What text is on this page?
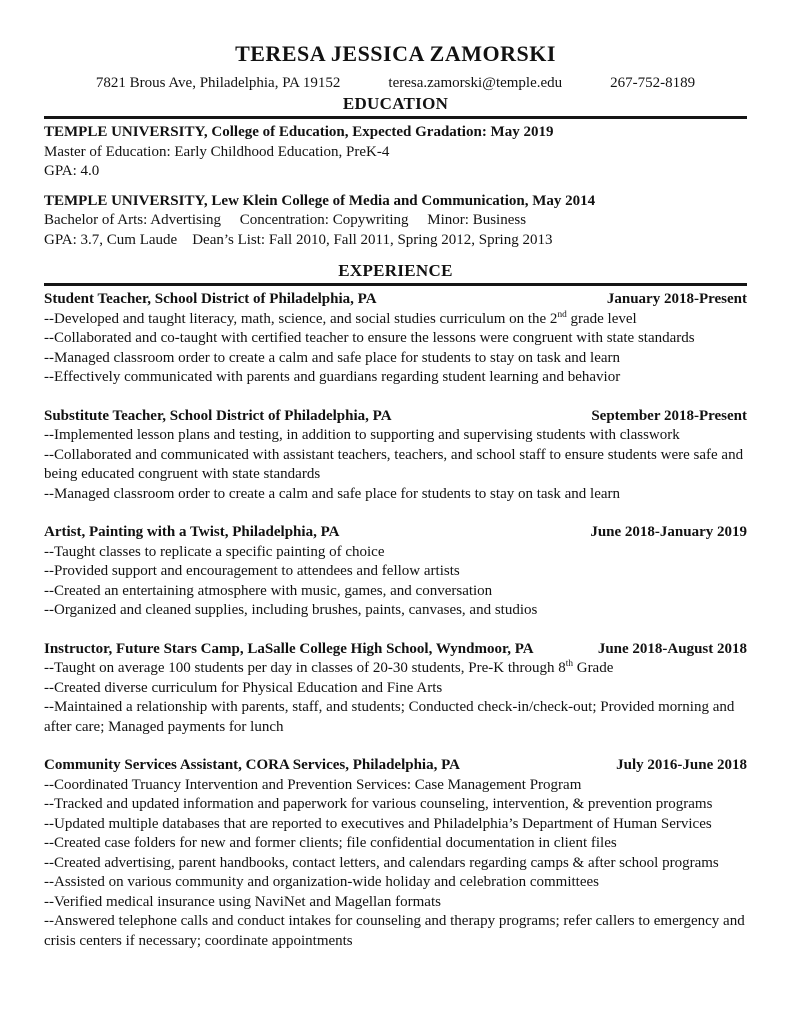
TERESA JESSICA ZAMORSKI
7821 Brous Ave, Philadelphia, PA 19152	teresa.zamorski@temple.edu	267-752-8189
EDUCATION

TEMPLE UNIVERSITY, College of Education, Expected Gradation: May 2019

Master of Education: Early Childhood Education, PreK-4

GPA: 4.0

TEMPLE UNIVERSITY, Lew Klein College of Media and Communication, May 2014

Bachelor of Arts: Advertising     Concentration: Copywriting     Minor: Business

GPA: 3.7, Cum Laude    Dean’s List: Fall 2010, Fall 2011, Spring 2012, Spring 2013

EXPERIENCE
Student Teacher, School District of Philadelphia, PA	January 2018-Present

--Developed and taught literacy, math, science, and social studies curriculum on the 2nd grade level

--Collaborated and co-taught with certified teacher to ensure the lessons were congruent with state standards

--Managed classroom order to create a calm and safe place for students to stay on task and learn

--Effectively communicated with parents and guardians regarding student learning and behavior

Substitute Teacher, School District of Philadelphia, PA	September 2018-Present

--Implemented lesson plans and testing, in addition to supporting and supervising students with classwork

--Collaborated and communicated with assistant teachers, teachers, and school staff to ensure students were safe and being educated congruent with state standards

--Managed classroom order to create a calm and safe place for students to stay on task and learn

Artist, Painting with a Twist, Philadelphia, PA	June 2018-January 2019

--Taught classes to replicate a specific painting of choice

--Provided support and encouragement to attendees and fellow artists

--Created an entertaining atmosphere with music, games, and conversation

--Organized and cleaned supplies, including brushes, paints, canvases, and studios

Instructor, Future Stars Camp, LaSalle College High School, Wyndmoor, PA	June 2018-August 2018

--Taught on average 100 students per day in classes of 20-30 students, Pre-K through 8th Grade

--Created diverse curriculum for Physical Education and Fine Arts

--Maintained a relationship with parents, staff, and students; Conducted check-in/check-out; Provided morning and after care; Managed payments for lunch

Community Services Assistant, CORA Services, Philadelphia, PA	July 2016-June 2018

--Coordinated Truancy Intervention and Prevention Services: Case Management Program

--Tracked and updated information and paperwork for various counseling, intervention, & prevention programs

--Updated multiple databases that are reported to executives and Philadelphia’s Department of Human Services

--Created case folders for new and former clients; file confidential documentation in client files

--Created advertising, parent handbooks, contact letters, and calendars regarding camps & after school programs

--Assisted on various community and organization-wide holiday and celebration committees

--Verified medical insurance using NaviNet and Magellan formats

--Answered telephone calls and conduct intakes for counseling and therapy programs; refer callers to emergency and crisis centers if necessary; coordinate appointments
